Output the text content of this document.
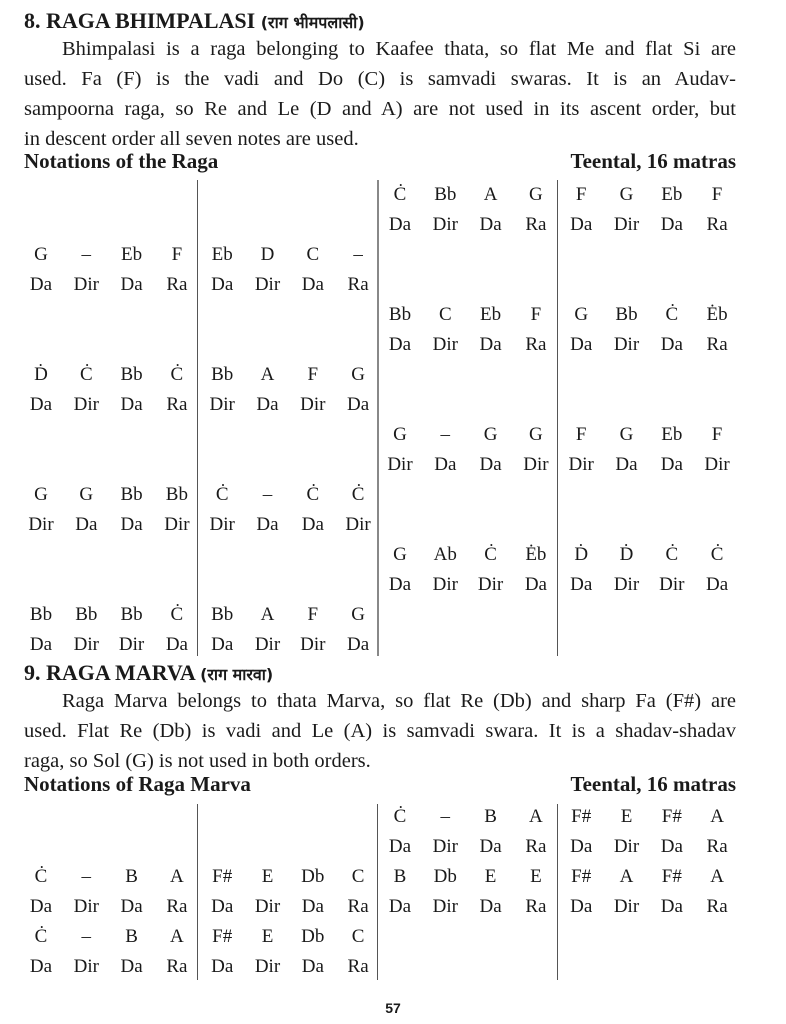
8. RAGA BHIMPALASI (राग भीमपलासी)
Bhimpalasi is a raga belonging to Kaafee thata, so flat Me and flat Si are
used. Fa (F) is the vadi and Do (C) is samvadi swaras. It is an Audav-
sampoorna raga, so Re and Le (D and A) are not used in its ascent order, but
in descent order all seven notes are used.
Notations of the Raga	Teental, 16 matras
Ċ
Da
Bb
Dir
A
Da
G
Ra
F
Da
G
Dir
Eb
Da
F
Ra
G
Da
–
Dir
Eb
Da
F
Ra
Eb
Da
D
Dir
C
Da
–
Ra
Bb
Da
C
Dir
Eb
Da
F
Ra
G
Da
Bb
Dir
Ċ
Da
Ėb
Ra
Ḋ
Da
Ċ
Dir
Bb
Da
Ċ
Ra
Bb
Dir
A
Da
F
Dir
G
Da
G
Dir
–
Da
G
Da
G
Dir
F
Dir
G
Da
Eb
Da
F
Dir
G
Dir
G
Da
Bb
Da
Bb
Dir
Ċ
Dir
–
Da
Ċ
Da
Ċ
Dir
G
Da
Ab
Dir
Ċ
Dir
Ėb
Da
Ḋ
Da
Ḋ
Dir
Ċ
Dir
Ċ
Da
Bb
Da
Bb
Dir
Bb
Dir
Ċ
Da
Bb
Da
A
Dir
F
Dir
G
Da
9. RAGA MARVA (राग मारवा)
Raga Marva belongs to thata Marva, so flat Re (Db) and sharp Fa (F#) are
used. Flat Re (Db) is vadi and Le (A) is samvadi swara. It is a shadav-shadav
raga, so Sol (G) is not used in both orders.
Notations of Raga Marva	Teental, 16 matras
Ċ
Da
–
Dir
B
Da
A
Ra
F#
Da
E
Dir
F#
Da
A
Ra
Ċ
Da
–
Dir
B
Da
A
Ra
F#
Da
E
Dir
Db
Da
C
Ra
B
Da
Db
Dir
E
Da
E
Ra
F#
Da
A
Dir
F#
Da
A
Ra
Ċ
Da
–
Dir
B
Da
A
Ra
F#
Da
E
Dir
Db
Da
C
Ra
57
